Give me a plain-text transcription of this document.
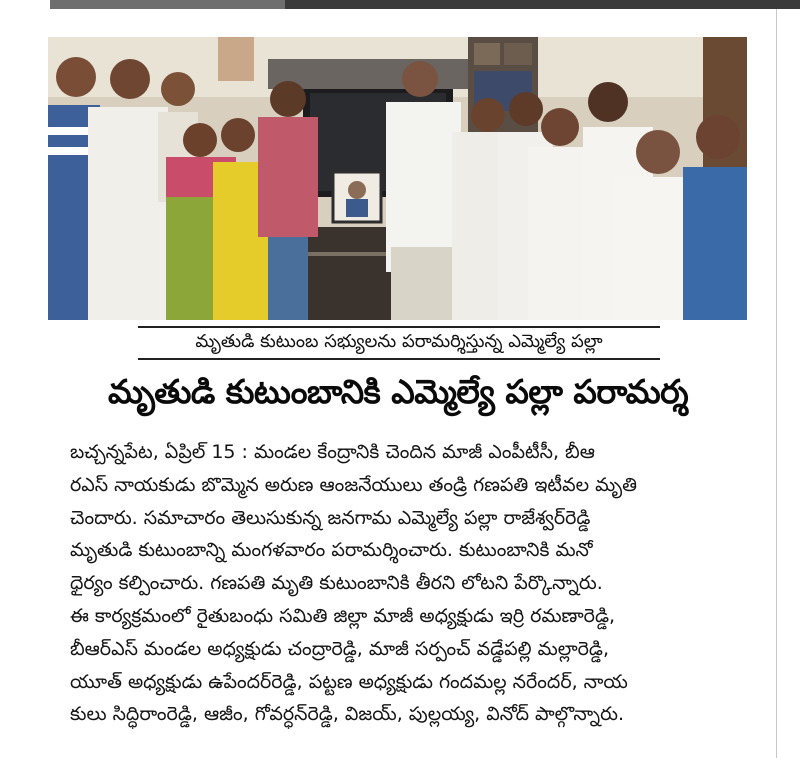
మృతుడి కుటుంబ సభ్యులను పరామర్శిస్తున్న ఎమ్మెల్యే పల్లా
మృతుడి కుటుంబానికి ఎమ్మెల్యే పల్లా పరామర్శ
బచ్చన్నపేట, ఏప్రిల్ 15 : మండల కేంద్రానికి చెందిన మాజీ ఎంపీటీసీ, బీఆ
రఎస్ నాయకుడు బొమ్మెన అరుణ ఆంజనేయులు తండ్రి గణపతి ఇటీవల మృతి
చెందారు. సమాచారం తెలుసుకున్న జనగామ ఎమ్మెల్యే పల్లా రాజేశ్వర్‌రెడ్డి
మృతుడి కుటుంబాన్ని మంగళవారం పరామర్శించారు. కుటుంబానికి మనో
ధైర్యం కల్పించారు. గణపతి మృతి కుటుంబానికి తీరని లోటని పేర్కొన్నారు.
ఈ కార్యక్రమంలో రైతుబంధు సమితి జిల్లా మాజీ అధ్యక్షుడు ఇర్రి రమణారెడ్డి,
బీఆర్ఎస్ మండల అధ్యక్షుడు చంద్రారెడ్డి, మాజీ సర్పంచ్ వడ్డేపల్లి మల్లారెడ్డి,
యూత్ అధ్యక్షుడు ఉపేందర్‌రెడ్డి, పట్టణ అధ్యక్షుడు గందమల్ల నరేందర్, నాయ
కులు సిద్ధిరాంరెడ్డి, ఆజీం, గోవర్ధన్‌రెడ్డి, విజయ్, పుల్లయ్య, వినోద్ పాల్గొన్నారు.
